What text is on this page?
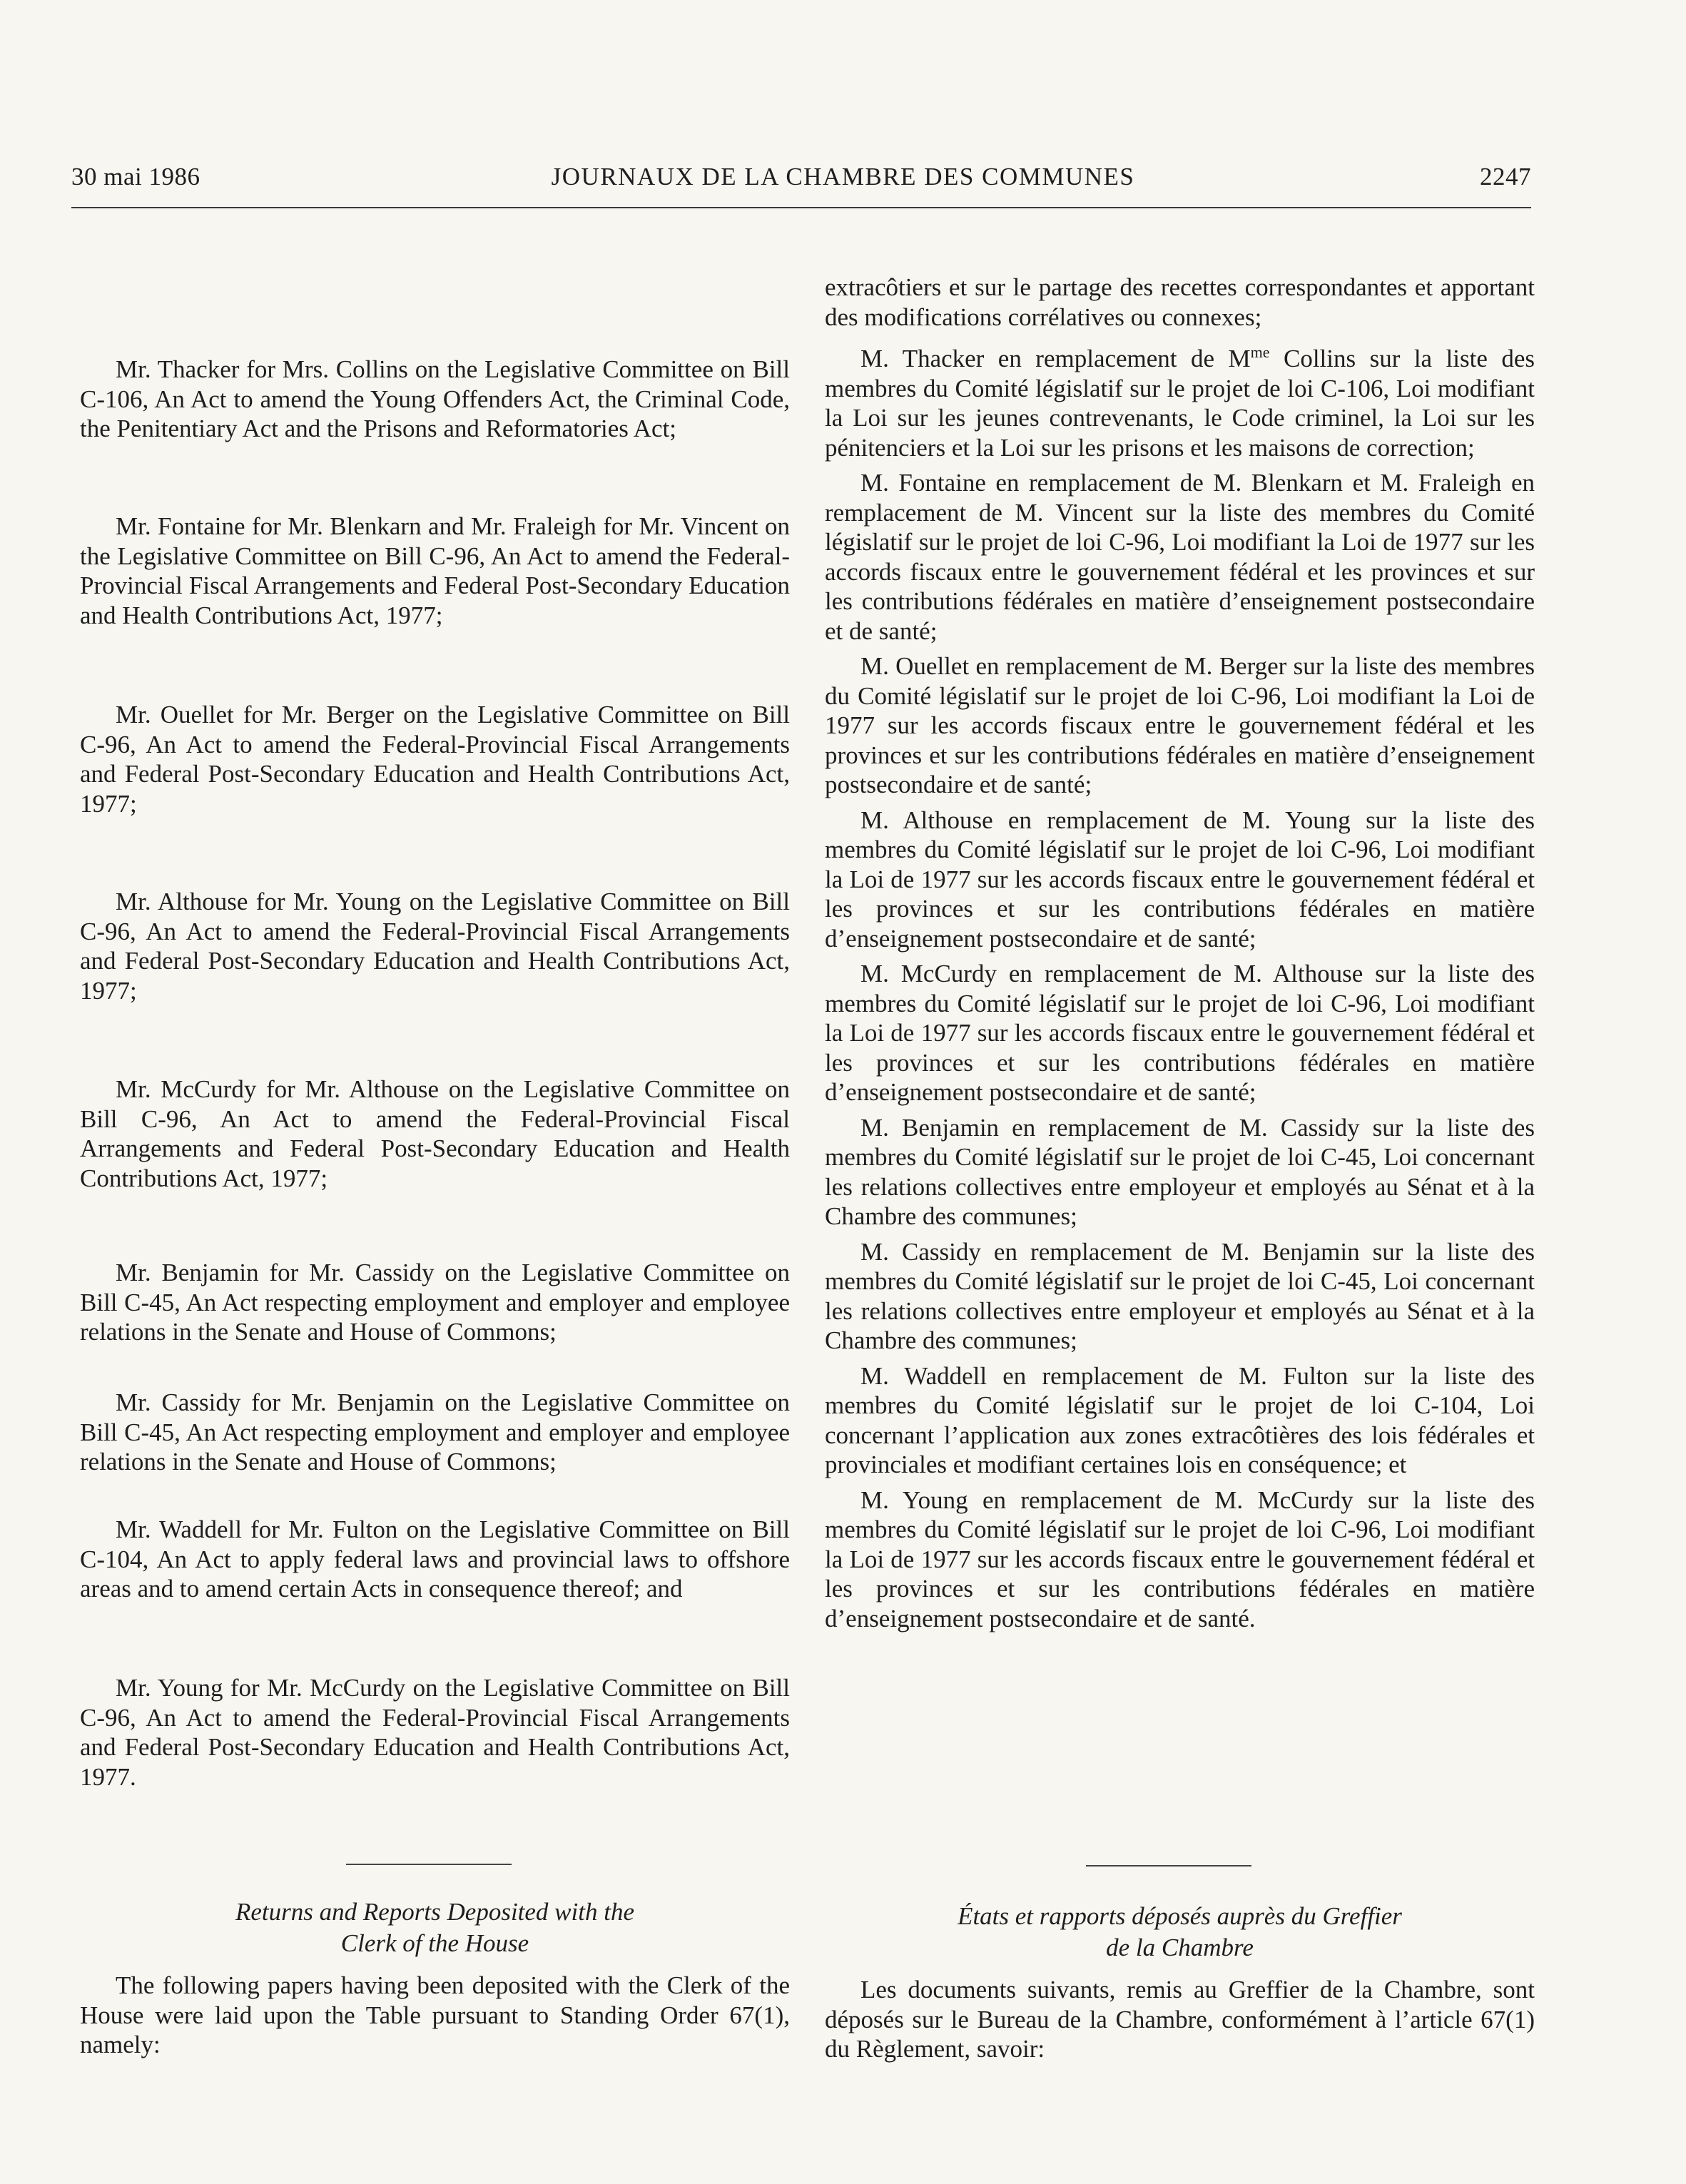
30 mai 1986	JOURNAUX DE LA CHAMBRE DES COMMUNES	2247

Mr. Thacker for Mrs. Collins on the Legislative Committee on Bill C-106, An Act to amend the Young Offenders Act, the Criminal Code, the Penitentiary Act and the Prisons and Reformatories Act;

Mr. Fontaine for Mr. Blenkarn and Mr. Fraleigh for Mr. Vincent on the Legislative Committee on Bill C-96, An Act to amend the Federal-Provincial Fiscal Arrangements and Federal Post-Secondary Education and Health Contributions Act, 1977;

Mr. Ouellet for Mr. Berger on the Legislative Committee on Bill C-96, An Act to amend the Federal-Provincial Fiscal Arrangements and Federal Post-Secondary Education and Health Contributions Act, 1977;

Mr. Althouse for Mr. Young on the Legislative Committee on Bill C-96, An Act to amend the Federal-Provincial Fiscal Arrangements and Federal Post-Secondary Education and Health Contributions Act, 1977;

Mr. McCurdy for Mr. Althouse on the Legislative Committee on Bill C-96, An Act to amend the Federal-Provincial Fiscal Arrangements and Federal Post-Secondary Education and Health Contributions Act, 1977;

Mr. Benjamin for Mr. Cassidy on the Legislative Committee on Bill C-45, An Act respecting employment and employer and employee relations in the Senate and House of Commons;

Mr. Cassidy for Mr. Benjamin on the Legislative Committee on Bill C-45, An Act respecting employment and employer and employee relations in the Senate and House of Commons;

Mr. Waddell for Mr. Fulton on the Legislative Committee on Bill C-104, An Act to apply federal laws and provincial laws to offshore areas and to amend certain Acts in consequence thereof; and

Mr. Young for Mr. McCurdy on the Legislative Committee on Bill C-96, An Act to amend the Federal-Provincial Fiscal Arrangements and Federal Post-Secondary Education and Health Contributions Act, 1977.

Returns and Reports Deposited with the
Clerk of the House

The following papers having been deposited with the Clerk of the House were laid upon the Table pursuant to Standing Order 67(1), namely:

extracôtiers et sur le partage des recettes correspondantes et apportant des modifications corrélatives ou connexes;

M. Thacker en remplacement de $M^{me}$ Collins sur la liste des membres du Comité législatif sur le projet de loi C-106, Loi modifiant la Loi sur les jeunes contrevenants, le Code criminel, la Loi sur les pénitenciers et la Loi sur les prisons et les maisons de correction;

M. Fontaine en remplacement de M. Blenkarn et M. Fraleigh en remplacement de M. Vincent sur la liste des membres du Comité législatif sur le projet de loi C-96, Loi modifiant la Loi de 1977 sur les accords fiscaux entre le gouvernement fédéral et les provinces et sur les contributions fédérales en matière d’enseignement postsecondaire et de santé;

M. Ouellet en remplacement de M. Berger sur la liste des membres du Comité législatif sur le projet de loi C-96, Loi modifiant la Loi de 1977 sur les accords fiscaux entre le gouvernement fédéral et les provinces et sur les contributions fédérales en matière d’enseignement postsecondaire et de santé;

M. Althouse en remplacement de M. Young sur la liste des membres du Comité législatif sur le projet de loi C-96, Loi modifiant la Loi de 1977 sur les accords fiscaux entre le gouvernement fédéral et les provinces et sur les contributions fédérales en matière d’enseignement postsecondaire et de santé;

M. McCurdy en remplacement de M. Althouse sur la liste des membres du Comité législatif sur le projet de loi C-96, Loi modifiant la Loi de 1977 sur les accords fiscaux entre le gouvernement fédéral et les provinces et sur les contributions fédérales en matière d’enseignement postsecondaire et de santé;

M. Benjamin en remplacement de M. Cassidy sur la liste des membres du Comité législatif sur le projet de loi C-45, Loi concernant les relations collectives entre employeur et employés au Sénat et à la Chambre des communes;

M. Cassidy en remplacement de M. Benjamin sur la liste des membres du Comité législatif sur le projet de loi C-45, Loi concernant les relations collectives entre employeur et employés au Sénat et à la Chambre des communes;

M. Waddell en remplacement de M. Fulton sur la liste des membres du Comité législatif sur le projet de loi C-104, Loi concernant l’application aux zones extracôtières des lois fédérales et provinciales et modifiant certaines lois en conséquence; et

M. Young en remplacement de M. McCurdy sur la liste des membres du Comité législatif sur le projet de loi C-96, Loi modifiant la Loi de 1977 sur les accords fiscaux entre le gouvernement fédéral et les provinces et sur les contributions fédérales en matière d’enseignement postsecondaire et de santé.

États et rapports déposés auprès du Greffier
de la Chambre

Les documents suivants, remis au Greffier de la Chambre, sont déposés sur le Bureau de la Chambre, conformément à l’article 67(1) du Règlement, savoir:
